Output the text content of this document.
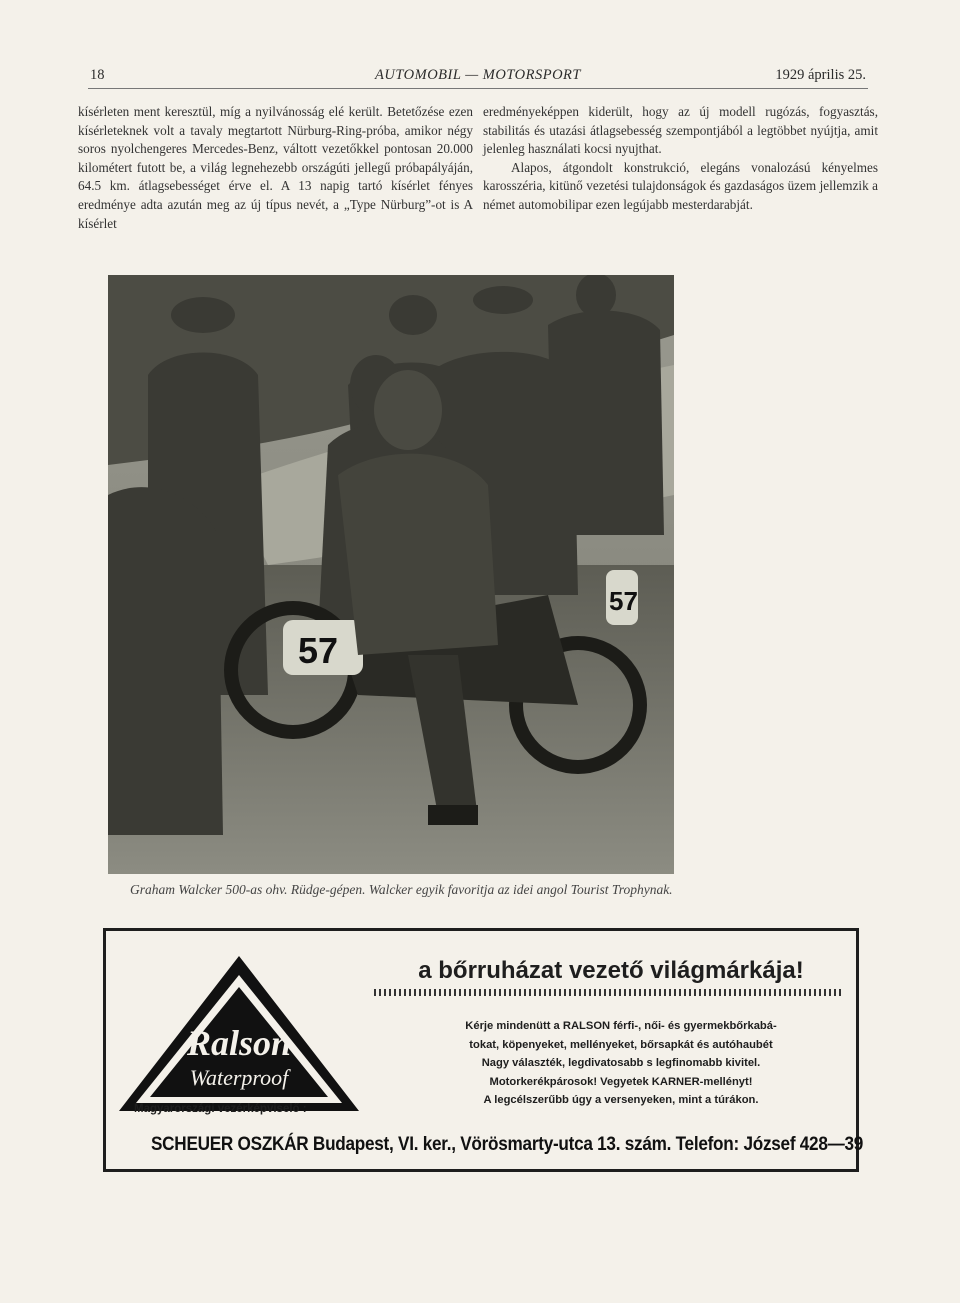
18	AUTOMOBIL — MOTORSPORT	1929 április 25.

kísérleten ment keresztül, míg a nyilvánosság elé került. Betetőzése ezen kísérleteknek volt a tavaly megtartott Nürburg-Ring-próba, amikor négy soros nyolchengeres Mercedes-Benz, váltott vezetőkkel pontosan 20.000 kilométert futott be, a világ legnehezebb országúti jellegű próbapályáján, 64.5 km. átlagsebességet érve el. A 13 napig tartó kísérlet fényes eredménye adta azután meg az új típus nevét, a „Type Nürburg”-ot is A kísérlet

eredményeképpen kiderült, hogy az új modell rugózás, fogyasztás, stabilitás és utazási átlagsebesség szempontjából a legtöbbet nyújtja, amit jelenleg használati kocsi nyujthat.

Alapos, átgondolt konstrukció, elegáns vonalozású kényelmes karosszéria, kitünő vezetési tulajdonságok és gazdaságos üzem jellemzik a német automobilipar ezen legújabb mesterdarabját.

57
57
Graham Walcker 500-as ohv. Rüdge-gépen. Walcker egyik favoritja az idei angol Tourist Trophynak.
Ralson
Waterproof
a bőrruházat vezető világmárkája!
Kérje mindenütt a RALSON férfi-, női- és gyermekbőrkabá-
tokat, köpenyeket, mellényeket, bőrsapkát és autóhaubét
Nagy választék, legdivatosabb s legfinomabb kivitel.
Motorkerékpárosok! Vegyetek KARNER-mellényt!
A legcélszerűbb úgy a versenyeken, mint a túrákon.
Magyarországi vezérképviselő :
SCHEUER OSZKÁR Budapest, VI. ker., Vörösmarty-utca 13. szám. Telefon: József 428—39
